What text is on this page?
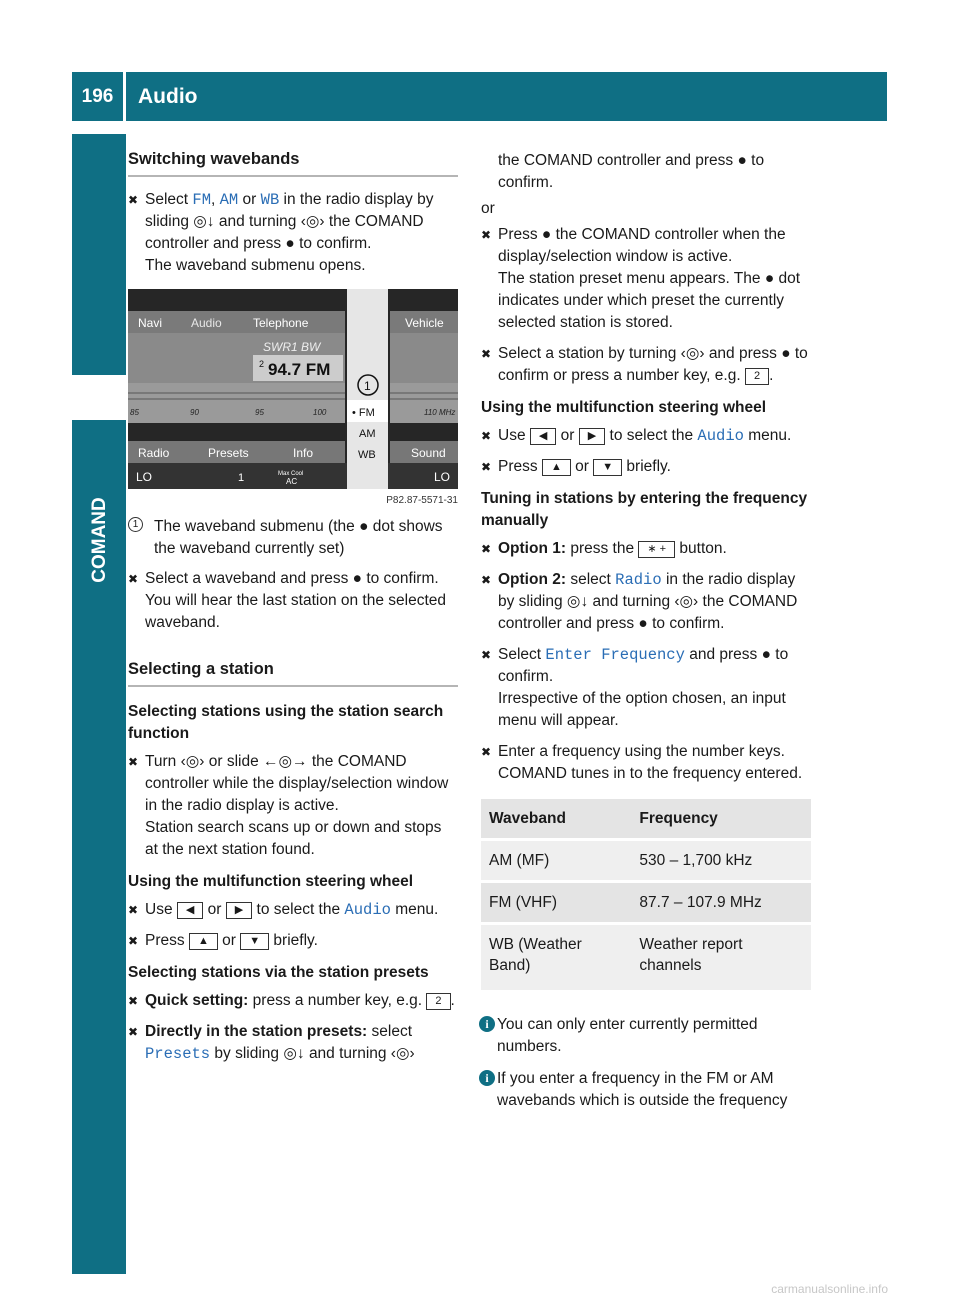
196	Audio
COMAND
Switching wavebands
✖ Select FM, AM or WB in the radio display by sliding ◎↓ and turning ‹◎› the COMAND controller and press ● to confirm.
The waveband submenu opens.
Navi Audio	Telephone	Vehicle
SWR1 BW
2 94.7 FM
85	90	95	100	110 MHz
Radio	Presets	Info	Sound
LO	1	Max Cool
AC	LO
1
• FM
AM
WB
P82.87-5571-31
1	The waveband submenu (the ● dot shows the waveband currently set)
✖ Select a waveband and press ● to confirm.
You will hear the last station on the selected waveband.
Selecting a station
Selecting stations using the station search function
✖ Turn ‹◎› or slide ←◎→ the COMAND controller while the display/selection window in the radio display is active.
Station search scans up or down and stops at the next station found.
Using the multifunction steering wheel
✖ Use ◀ or ▶ to select the Audio menu.
✖ Press ▲ or ▼ briefly.
Selecting stations via the station presets
✖ Quick setting: press a number key, e.g. 2 .
✖ Directly in the station presets: select Presets by sliding ◎↓ and turning ‹◎›

the COMAND controller and press ● to confirm.

or

✖ Press ● the COMAND controller when the display/selection window is active.
The station preset menu appears. The ● dot indicates under which preset the currently selected station is stored.
✖ Select a station by turning ‹◎› and press ● to confirm or press a number key, e.g. 2 .
Using the multifunction steering wheel
✖ Use ◀ or ▶ to select the Audio menu.
✖ Press ▲ or ▼ briefly.
Tuning in stations by entering the frequency manually
✖ Option 1: press the ∗ + button.
✖ Option 2: select Radio in the radio display by sliding ◎↓ and turning ‹◎› the COMAND controller and press ● to confirm.
✖ Select Enter Frequency and press ● to confirm.
Irrespective of the option chosen, an input menu will appear.
✖ Enter a frequency using the number keys.
COMAND tunes in to the frequency entered.
Waveband	Frequency
AM (MF)	530 – 1,700 kHz
FM (VHF)	87.7 – 107.9 MHz
WB (Weather Band)	Weather report channels
i You can only enter currently permitted numbers.
i If you enter a frequency in the FM or AM wavebands which is outside the frequency
carmanualsonline.info
